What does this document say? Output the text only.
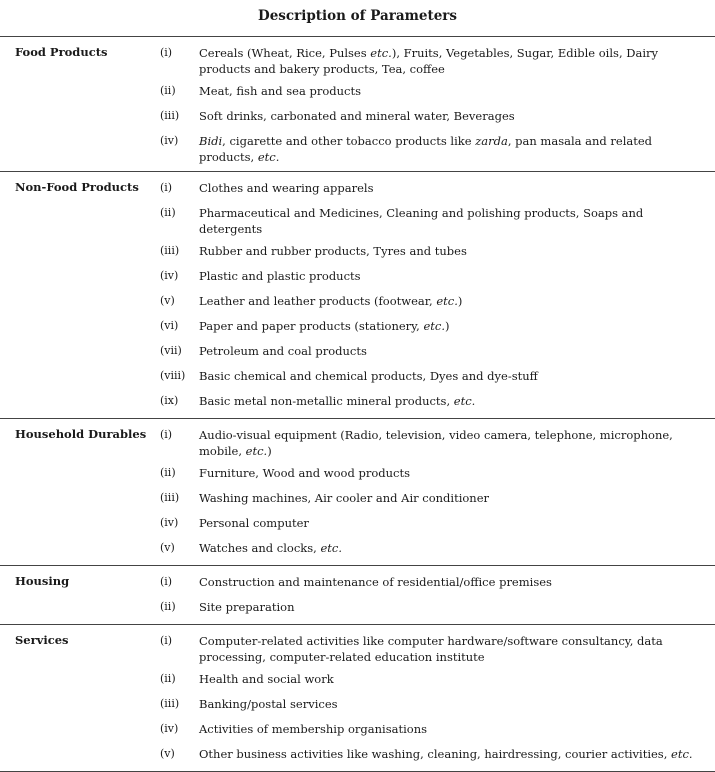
Description of Parameters
Food Products	(i) Cereals (Wheat, Rice, Pulses etc.), Fruits, Vegetables, Sugar, Edible oils, Dairy products and bakery products, Tea, coffee
(ii) Meat, fish and sea products
(iii) Soft drinks, carbonated and mineral water, Beverages
(iv) Bidi, cigarette and other tobacco products like zarda, pan masala and related products, etc.
Non-Food Products (i) Clothes and wearing apparels
(ii) Pharmaceutical and Medicines, Cleaning and polishing products, Soaps and detergents
(iii) Rubber and rubber products, Tyres and tubes
(iv) Plastic and plastic products
(v) Leather and leather products (footwear, etc.)
(vi) Paper and paper products (stationery, etc.)
(vii) Petroleum and coal products
(viii) Basic chemical and chemical products, Dyes and dye-stuff
(ix) Basic metal non-metallic mineral products, etc.
Household Durables (i) Audio-visual equipment (Radio, television, video camera, telephone, microphone, mobile, etc.)
(ii) Furniture, Wood and wood products
(iii) Washing machines, Air cooler and Air conditioner
(iv) Personal computer
(v) Watches and clocks, etc.
Housing	(i) Construction and maintenance of residential/office premises
(ii) Site preparation
Services	(i) Computer-related activities like computer hardware/software consultancy, data processing, computer-related education institute
(ii) Health and social work
(iii) Banking/postal services
(iv) Activities of membership organisations
(v) Other business activities like washing, cleaning, hairdressing, courier activities, etc.
